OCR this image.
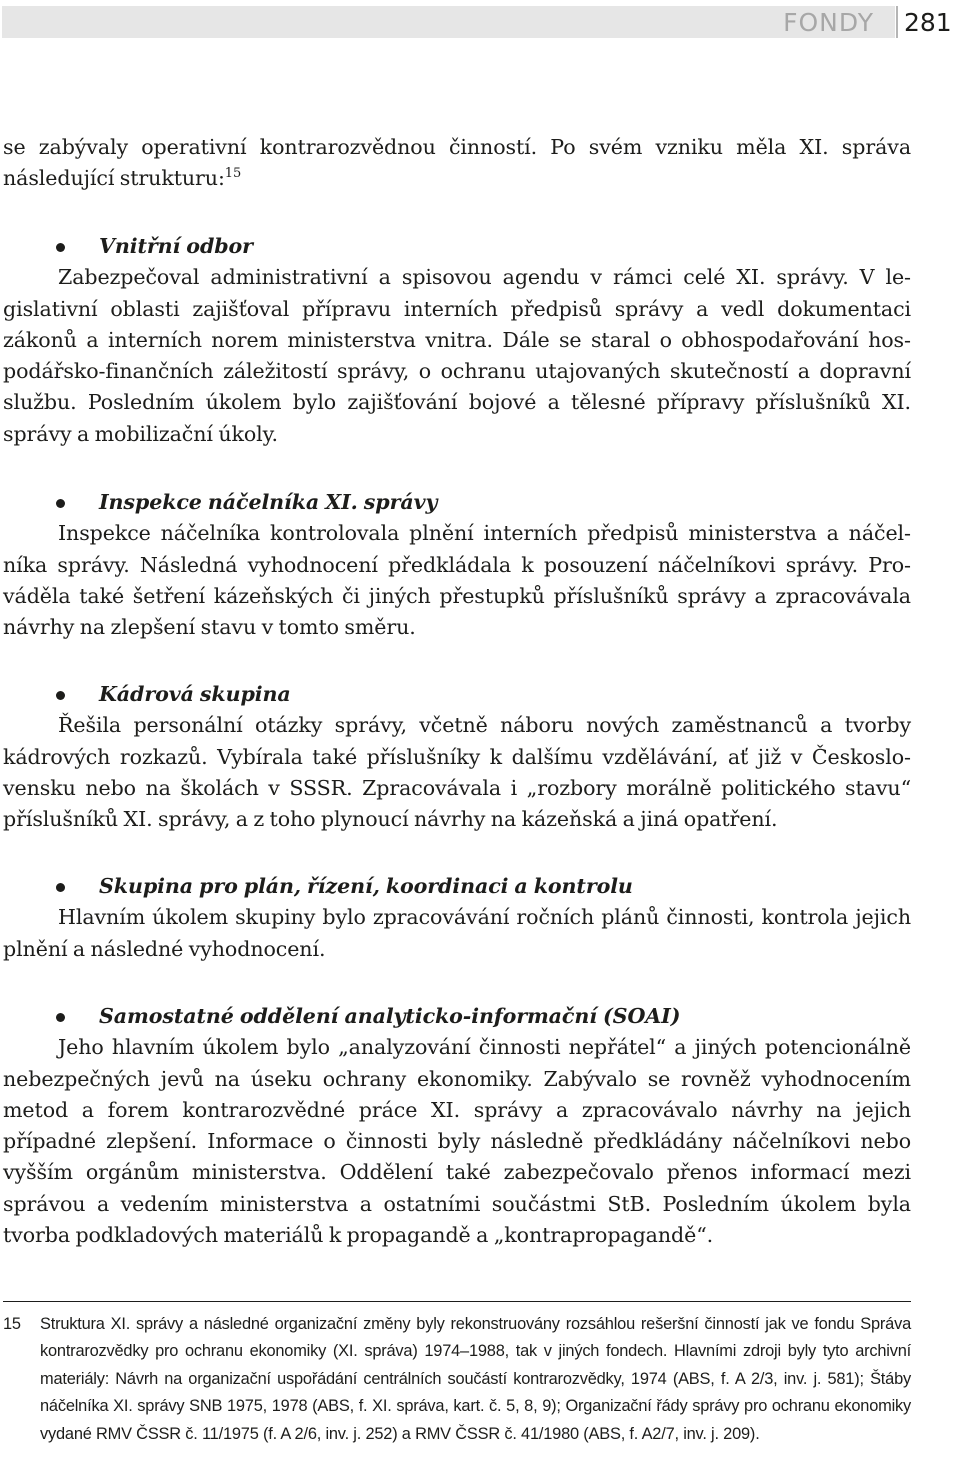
FONDY 281
se zabývaly operativní kontrarozvědnou činností. Po svém vzniku měla XI. správa následující strukturu:$^{15}$
Vnitřní odbor
Zabezpečoval administrativní a spisovou agendu v rámci celé XI. správy. V legislativní oblasti zajišťoval přípravu interních předpisů správy a vedl dokumentaci zákonů a interních norem ministerstva vnitra. Dále se staral o obhospodařování hospodářsko-finančních záležitostí správy, o ochranu utajovaných skutečností a dopravní službu. Posledním úkolem bylo zajišťování bojové a tělesné přípravy příslušníků XI. správy a mobilizační úkoly.
Inspekce náčelníka XI. správy
Inspekce náčelníka kontrolovala plnění interních předpisů ministerstva a náčelníka správy. Následná vyhodnocení předkládala k posouzení náčelníkovi správy. Prováděla také šetření kázeňských či jiných přestupků příslušníků správy a zpracovávala návrhy na zlepšení stavu v tomto směru.
Kádrová skupina
Řešila personální otázky správy, včetně náboru nových zaměstnanců a tvorby kádrových rozkazů. Vybírala také příslušníky k dalšímu vzdělávání, ať již v Československu nebo na školách v SSSR. Zpracovávala i „rozbory morálně politického stavu“ příslušníků XI. správy, a z toho plynoucí návrhy na kázeňská a jiná opatření.
Skupina pro plán, řízení, koordinaci a kontrolu
Hlavním úkolem skupiny bylo zpracovávání ročních plánů činnosti, kontrola jejich plnění a následné vyhodnocení.
Samostatné oddělení analyticko-informační (SOAI)
Jeho hlavním úkolem bylo „analyzování činnosti nepřátel“ a jiných potencionálně nebezpečných jevů na úseku ochrany ekonomiky. Zabývalo se rovněž vyhodnocením metod a forem kontrarozvědné práce XI. správy a zpracovávalo návrhy na jejich případné zlepšení. Informace o činnosti byly následně předkládány náčelníkovi nebo vyšším orgánům ministerstva. Oddělení také zabezpečovalo přenos informací mezi správou a vedením ministerstva a ostatními součástmi StB. Posledním úkolem byla tvorba podkladových materiálů k propagandě a „kontrapropagandě“.
15 Struktura XI. správy a následné organizační změny byly rekonstruovány rozsáhlou rešeršní činností jak ve fondu Správa kontrarozvědky pro ochranu ekonomiky (XI. správa) 1974–1988, tak v jiných fondech. Hlavními zdroji byly tyto archivní materiály: Návrh na organizační uspořádání centrálních součástí kontrarozvědky, 1974 (ABS, f. A 2/3, inv. j. 581); Štáby náčelníka XI. správy SNB 1975, 1978 (ABS, f. XI. správa, kart. č. 5, 8, 9); Organizační řády správy pro ochranu ekonomiky vydané RMV ČSSR č. 11/1975 (f. A 2/6, inv. j. 252) a RMV ČSSR č. 41/1980 (ABS, f. A2/7, inv. j. 209).
